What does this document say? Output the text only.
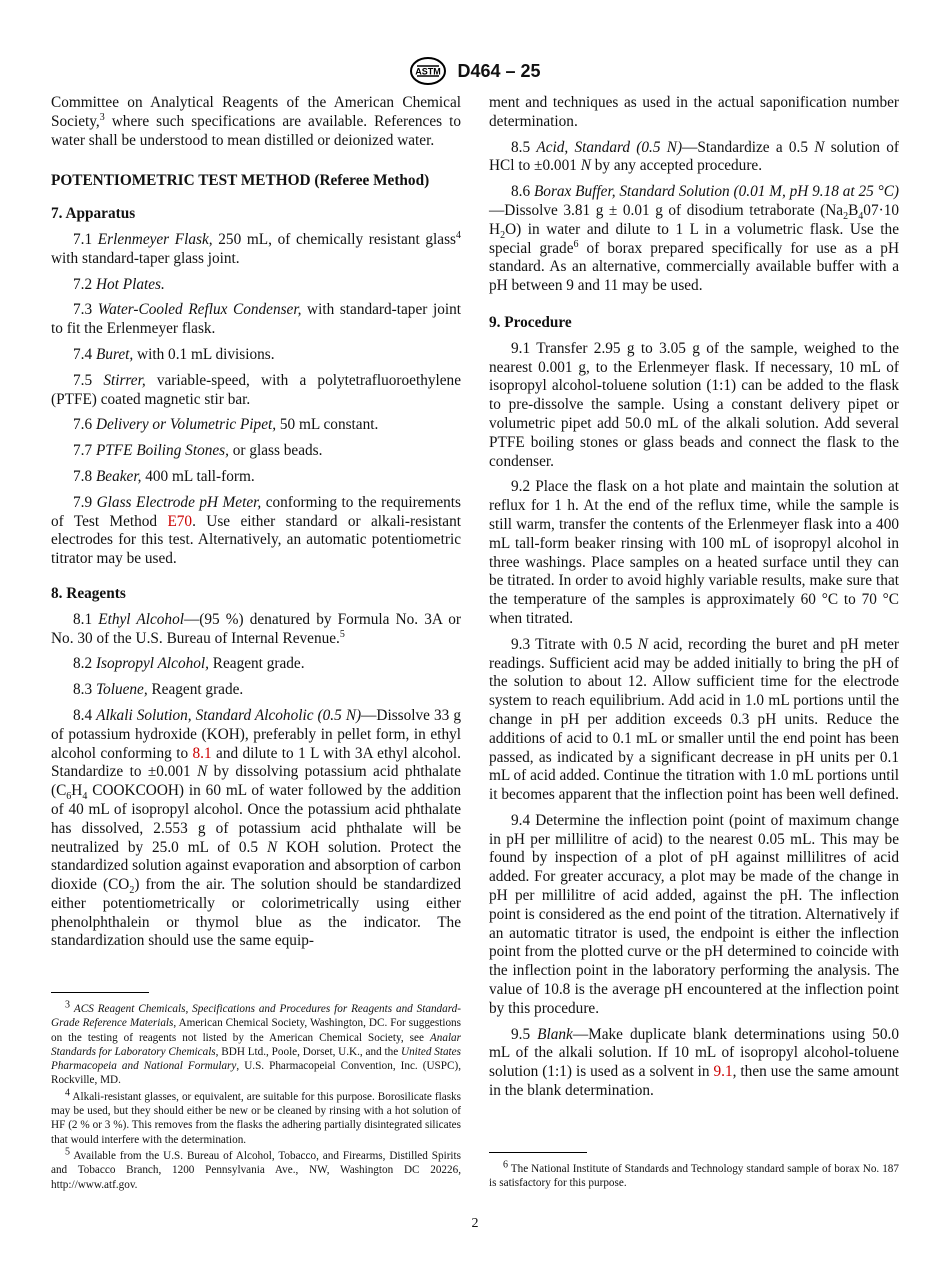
ASTM D464 – 25

Committee on Analytical Reagents of the American Chemical Society,$^3$ where such specifications are available. References to water shall be understood to mean distilled or deionized water.

POTENTIOMETRIC TEST METHOD (Referee Method)
7. Apparatus

7.1 Erlenmeyer Flask, 250 mL, of chemically resistant glass$^4$ with standard-taper glass joint.

7.2 Hot Plates.

7.3 Water-Cooled Reflux Condenser, with standard-taper joint to fit the Erlenmeyer flask.

7.4 Buret, with 0.1 mL divisions.

7.5 Stirrer, variable-speed, with a polytetrafluoroethylene (PTFE) coated magnetic stir bar.

7.6 Delivery or Volumetric Pipet, 50 mL constant.

7.7 PTFE Boiling Stones, or glass beads.

7.8 Beaker, 400 mL tall-form.

7.9 Glass Electrode pH Meter, conforming to the requirements of Test Method E70. Use either standard or alkali-resistant electrodes for this test. Alternatively, an automatic potentiometric titrator may be used.

8. Reagents

8.1 Ethyl Alcohol—(95 %) denatured by Formula No. 3A or No. 30 of the U.S. Bureau of Internal Revenue.$^5$

8.2 Isopropyl Alcohol, Reagent grade.

8.3 Toluene, Reagent grade.

8.4 Alkali Solution, Standard Alcoholic (0.5 N)—Dissolve 33 g of potassium hydroxide (KOH), preferably in pellet form, in ethyl alcohol conforming to 8.1 and dilute to 1 L with 3A ethyl alcohol. Standardize to ±0.001 N by dissolving potassium acid phthalate ($C_6H_4$ COOKCOOH) in 60 mL of water followed by the addition of 40 mL of isopropyl alcohol. Once the potassium acid phthalate has dissolved, 2.553 g of potassium acid phthalate will be neutralized by 25.0 mL of 0.5 N KOH solution. Protect the standardized solution against evaporation and absorption of carbon dioxide $(CO_2)$ from the air. The solution should be standardized either potentiometrically or colorimetrically using either phenolphthalein or thymol blue as the indicator. The standardization should use the same equip-

$^3$ ACS Reagent Chemicals, Specifications and Procedures for Reagents and Standard-Grade Reference Materials, American Chemical Society, Washington, DC. For suggestions on the testing of reagents not listed by the American Chemical Society, see Analar Standards for Laboratory Chemicals, BDH Ltd., Poole, Dorset, U.K., and the United States Pharmacopeia and National Formulary, U.S. Pharmacopeial Convention, Inc. (USPC), Rockville, MD.

$^4$ Alkali-resistant glasses, or equivalent, are suitable for this purpose. Borosilicate flasks may be used, but they should either be new or be cleaned by rinsing with a hot solution of HF (2 % or 3 %). This removes from the flasks the adhering partially disintegrated silicates that would interfere with the determination.

$^5$ Available from the U.S. Bureau of Alcohol, Tobacco, and Firearms, Distilled Spirits and Tobacco Branch, 1200 Pennsylvania Ave., NW, Washington DC 20226, http://www.atf.gov.

ment and techniques as used in the actual saponification number determination.

8.5 Acid, Standard (0.5 N)—Standardize a 0.5 N solution of HCl to ±0.001 N by any accepted procedure.

8.6 Borax Buffer, Standard Solution (0.01 M, pH 9.18 at 25 °C)—Dissolve 3.81 g ± 0.01 g of disodium tetraborate ($Na_2B_407\cdot 10$ $H_2O$) in water and dilute to 1 L in a volumetric flask. Use the special grade$^6$ of borax prepared specifically for use as a pH standard. As an alternative, commercially available buffer with a pH between 9 and 11 may be used.

9. Procedure

9.1 Transfer 2.95 g to 3.05 g of the sample, weighed to the nearest 0.001 g, to the Erlenmeyer flask. If necessary, 10 mL of isopropyl alcohol-toluene solution (1:1) can be added to the flask to pre-dissolve the sample. Using a constant delivery pipet or volumetric pipet add 50.0 mL of the alkali solution. Add several PTFE boiling stones or glass beads and connect the flask to the condenser.

9.2 Place the flask on a hot plate and maintain the solution at reflux for 1 h. At the end of the reflux time, while the sample is still warm, transfer the contents of the Erlenmeyer flask into a 400 mL tall-form beaker rinsing with 100 mL of isopropyl alcohol in three washings. Place samples on a heated surface until they can be titrated. In order to avoid highly variable results, make sure that the temperature of the samples is approximately 60 °C to 70 °C when titrated.

9.3 Titrate with 0.5 N acid, recording the buret and pH meter readings. Sufficient acid may be added initially to bring the pH of the solution to about 12. Allow sufficient time for the electrode system to reach equilibrium. Add acid in 1.0 mL portions until the change in pH per addition exceeds 0.3 pH units. Reduce the additions of acid to 0.1 mL or smaller until the end point has been passed, as indicated by a significant decrease in pH units per 0.1 mL of acid added. Continue the titration with 1.0 mL portions until it becomes apparent that the inflection point has been well defined.

9.4 Determine the inflection point (point of maximum change in pH per millilitre of acid) to the nearest 0.05 mL. This may be found by inspection of a plot of pH against millilitres of acid added. For greater accuracy, a plot may be made of the change in pH per millilitre of acid added, against the pH. The inflection point is considered as the end point of the titration. Alternatively if an automatic titrator is used, the endpoint is either the inflection point from the plotted curve or the pH determined to coincide with the inflection point in the laboratory performing the analysis. The value of 10.8 is the average pH encountered at the inflection point by this procedure.

9.5 Blank—Make duplicate blank determinations using 50.0 mL of the alkali solution. If 10 mL of isopropyl alcohol-toluene solution (1:1) is used as a solvent in 9.1, then use the same amount in the blank determination.

$^6$ The National Institute of Standards and Technology standard sample of borax No. 187 is satisfactory for this purpose.

2
